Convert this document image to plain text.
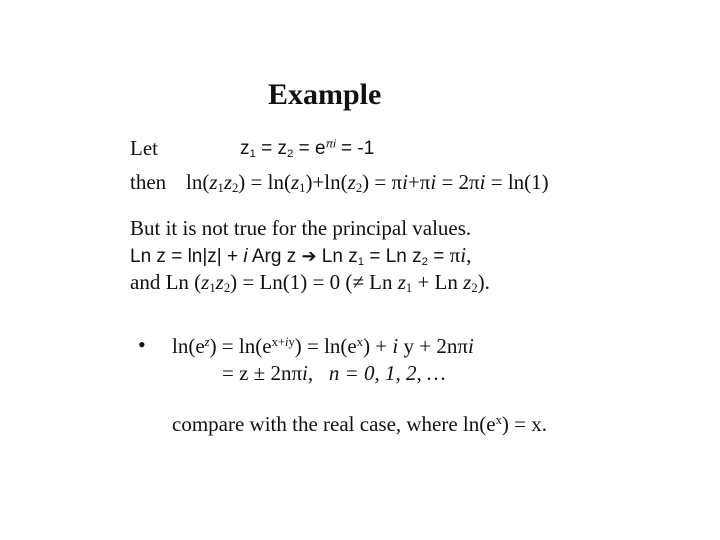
Example
Let	$z_1 = z_2 = e^{\pi i} = -1$
then $\ln(z_1z_2) = \ln(z_1)+\ln(z_2) = \pi i+\pi i = 2\pi i = \ln(1)$
But it is not true for the principal values.
Ln z = ln|z| + i Arg z ➔ Ln $z_1 = Ln$ $z_2 = \pi i$,
and Ln $(z_1z_2) = Ln(1) = 0$ (≠ Ln $z_1 + Ln$ $z_2$).
• $\ln(e^z) = \ln(e^{x+iy}) = \ln(e^x) + i$ y + 2nπi
= z ± 2nπi,   n = 0, 1, 2, …
compare with the real case, where $\ln(e^x) = x$.
